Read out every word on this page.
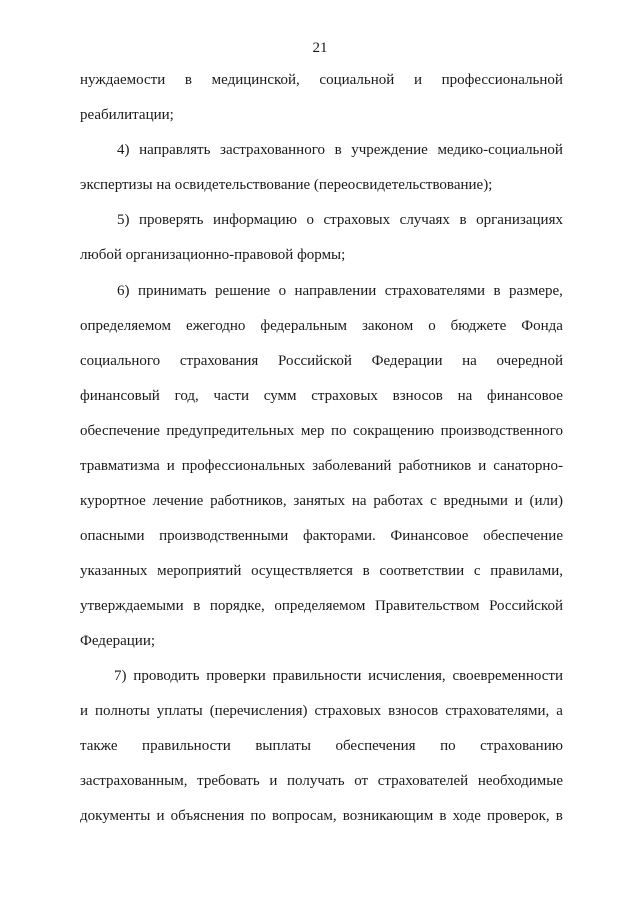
21
нуждаемости в медицинской, социальной и профессиональной
реабилитации;
4) направлять застрахованного в учреждение медико-социальной
экспертизы на освидетельствование (переосвидетельствование);
5) проверять информацию о страховых случаях в организациях
любой организационно-правовой формы;
6) принимать решение о направлении страхователями в размере,
определяемом ежегодно федеральным законом о бюджете Фонда
социального страхования Российской Федерации на очередной
финансовый год, части сумм страховых взносов на финансовое
обеспечение предупредительных мер по сокращению производственного
травматизма и профессиональных заболеваний работников и санаторно-
курортное лечение работников, занятых на работах с вредными и (или)
опасными производственными факторами. Финансовое обеспечение
указанных мероприятий осуществляется в соответствии с правилами,
утверждаемыми в порядке, определяемом Правительством Российской
Федерации;
7) проводить проверки правильности исчисления, своевременности
и полноты уплаты (перечисления) страховых взносов страхователями, а
также правильности выплаты обеспечения по страхованию
застрахованным, требовать и получать от страхователей необходимые
документы и объяснения по вопросам, возникающим в ходе проверок, в
